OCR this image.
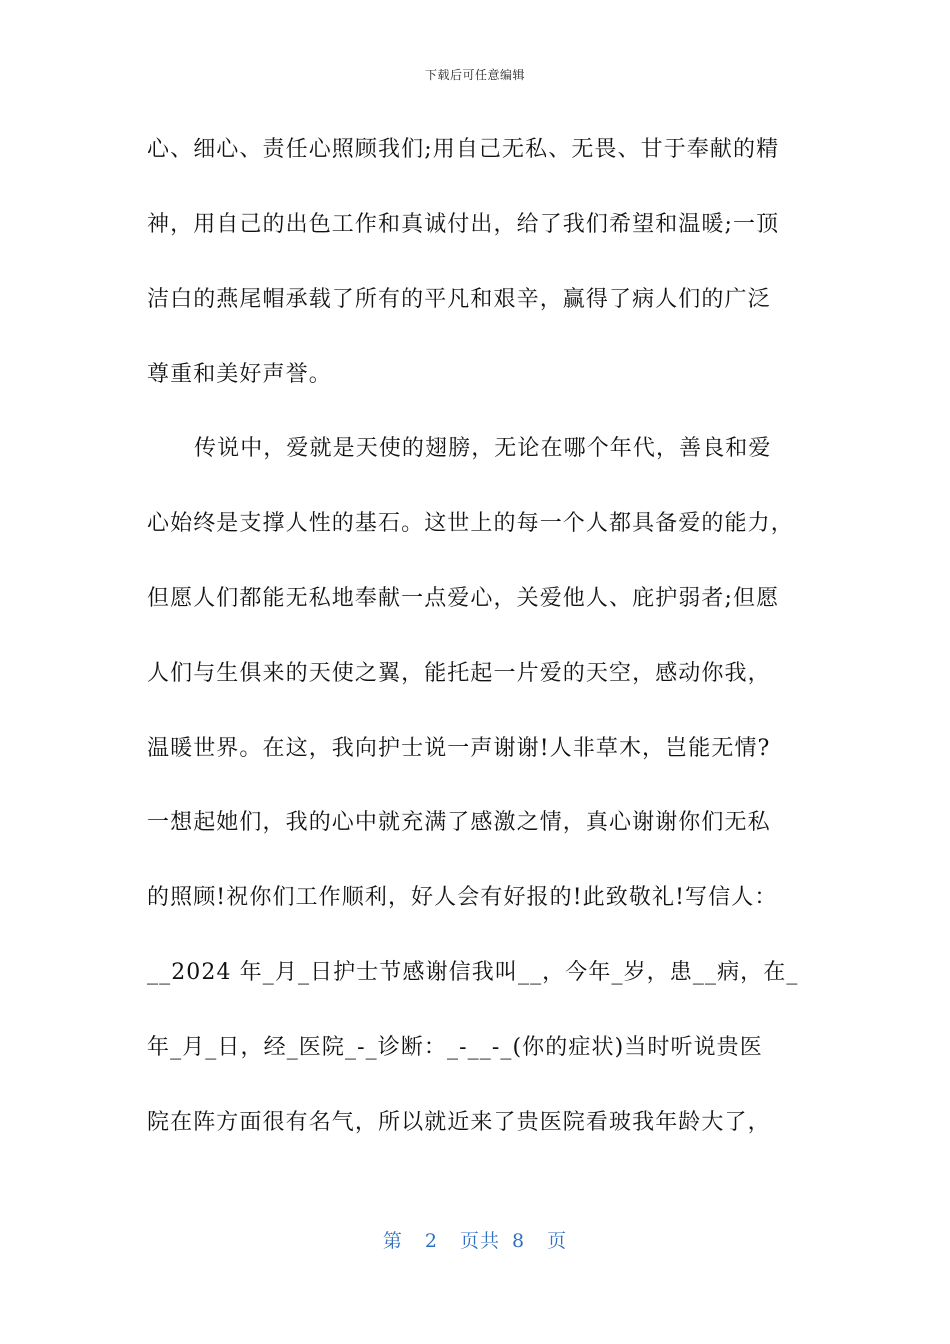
下载后可任意编辑
心、细心、责任心照顾我们;用自己无私、无畏、甘于奉献的精
神，用自己的出色工作和真诚付出，给了我们希望和温暖;一顶
洁白的燕尾帽承载了所有的平凡和艰辛，赢得了病人们的广泛
尊重和美好声誉。
传说中，爱就是天使的翅膀，无论在哪个年代，善良和爱
心始终是支撑人性的基石。这世上的每一个人都具备爱的能力，
但愿人们都能无私地奉献一点爱心，关爱他人、庇护弱者;但愿
人们与生俱来的天使之翼，能托起一片爱的天空，感动你我，
温暖世界。在这，我向护士说一声谢谢!人非草木，岂能无情?
一想起她们，我的心中就充满了感激之情，真心谢谢你们无私
的照顾!祝你们工作顺利，好人会有好报的!此致敬礼!写信人：
__2024 年_月_日护士节感谢信我叫__，今年_岁，患__病，在_
年_月_日，经_医院_-_诊断：_-__-_(你的症状)当时听说贵医
院在阵方面很有名气，所以就近来了贵医院看玻我年龄大了，
第 2 页共 8 页
